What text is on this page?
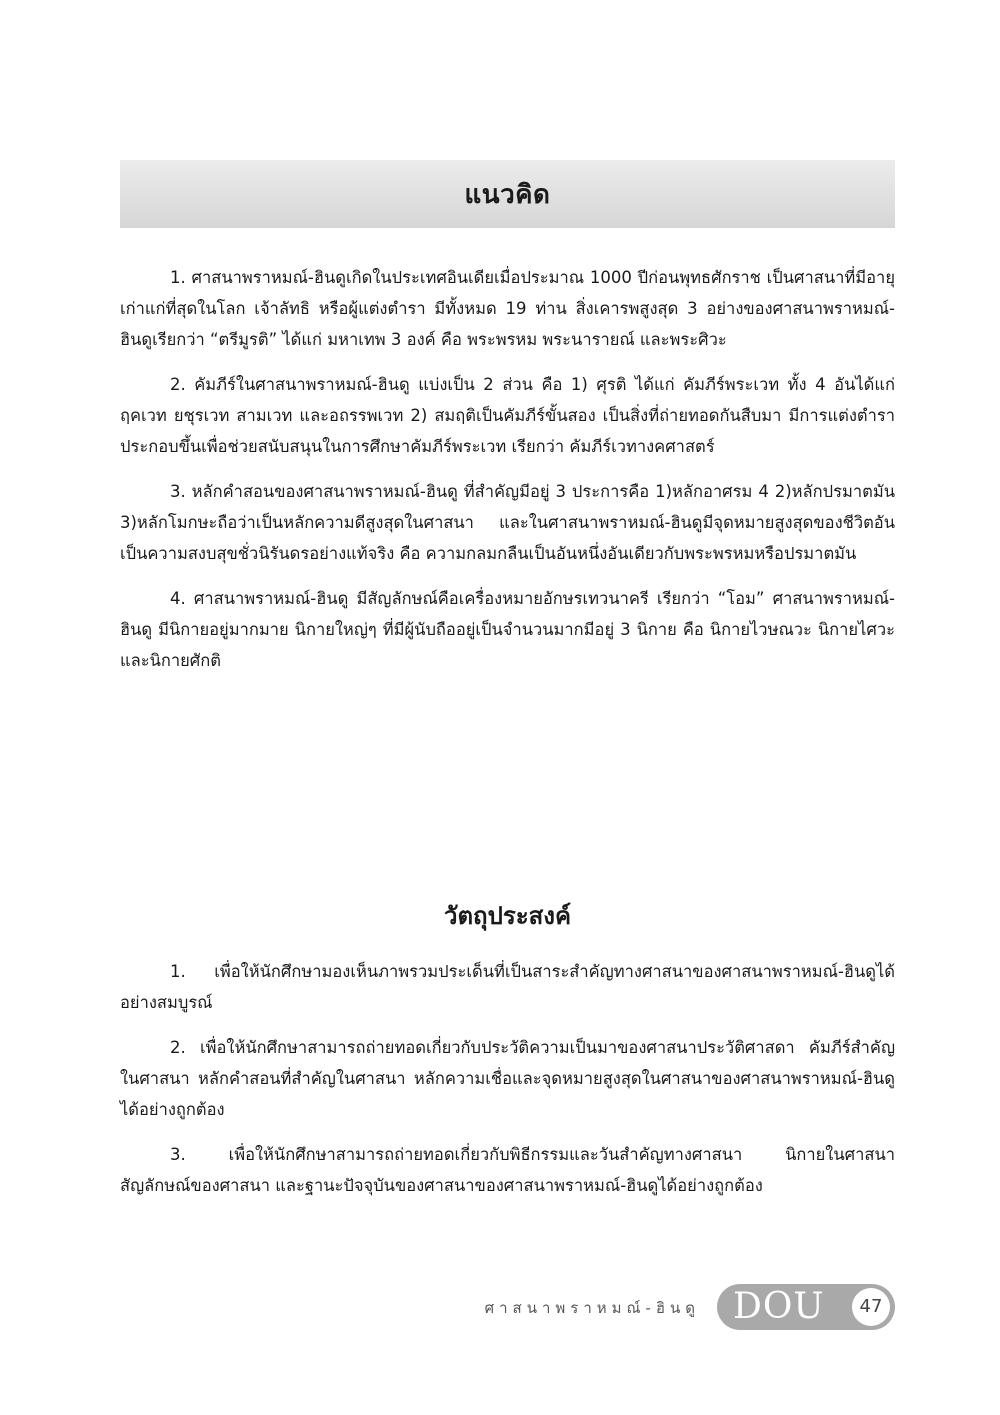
แนวคิด

1. ศาสนาพราหมณ์-ฮินดูเกิดในประเทศอินเดียเมื่อประมาณ 1000 ปีก่อนพุทธศักราช เป็นศาสนาที่มีอายุเก่าแก่ที่สุดในโลก เจ้าลัทธิ หรือผู้แต่งตำรา มีทั้งหมด 19 ท่าน สิ่งเคารพสูงสุด 3 อย่างของศาสนาพราหมณ์-ฮินดูเรียกว่า “ตรีมูรติ” ได้แก่ มหาเทพ 3 องค์ คือ พระพรหม พระนารายณ์ และพระศิวะ

2. คัมภีร์ในศาสนาพราหมณ์-ฮินดู แบ่งเป็น 2 ส่วน คือ 1) ศุรติ ได้แก่ คัมภีร์พระเวท ทั้ง 4 อันได้แก่ ฤคเวท ยชุรเวท สามเวท และอถรรพเวท 2) สมฤติเป็นคัมภีร์ขั้นสอง เป็นสิ่งที่ถ่ายทอดกันสืบมา มีการแต่งตำราประกอบขึ้นเพื่อช่วยสนับสนุนในการศึกษาคัมภีร์พระเวท เรียกว่า คัมภีร์เวทางคศาสตร์

3. หลักคำสอนของศาสนาพราหมณ์-ฮินดู ที่สำคัญมีอยู่ 3 ประการคือ 1)หลักอาศรม 4 2)หลักปรมาตมัน 3)หลักโมกษะถือว่าเป็นหลักความดีสูงสุดในศาสนา และในศาสนาพราหมณ์-ฮินดูมีจุดหมายสูงสุดของชีวิตอันเป็นความสงบสุขชั่วนิรันดรอย่างแท้จริง คือ ความกลมกลืนเป็นอันหนึ่งอันเดียวกับพระพรหมหรือปรมาตมัน

4. ศาสนาพราหมณ์-ฮินดู มีสัญลักษณ์คือเครื่องหมายอักษรเทวนาครี เรียกว่า “โอม” ศาสนาพราหมณ์-ฮินดู มีนิกายอยู่มากมาย นิกายใหญ่ๆ ที่มีผู้นับถืออยู่เป็นจำนวนมากมีอยู่ 3 นิกาย คือ นิกายไวษณวะ นิกายไศวะ และนิกายศักติ

วัตถุประสงค์

1. เพื่อให้นักศึกษามองเห็นภาพรวมประเด็นที่เป็นสาระสำคัญทางศาสนาของศาสนาพราหมณ์-ฮินดูได้อย่างสมบูรณ์

2. เพื่อให้นักศึกษาสามารถถ่ายทอดเกี่ยวกับประวัติความเป็นมาของศาสนาประวัติศาสดา คัมภีร์สำคัญในศาสนา หลักคำสอนที่สำคัญในศาสนา หลักความเชื่อและจุดหมายสูงสุดในศาสนาของศาสนาพราหมณ์-ฮินดูได้อย่างถูกต้อง

3. เพื่อให้นักศึกษาสามารถถ่ายทอดเกี่ยวกับพิธีกรรมและวันสำคัญทางศาสนา นิกายในศาสนา สัญลักษณ์ของศาสนา และฐานะปัจจุบันของศาสนาของศาสนาพราหมณ์-ฮินดูได้อย่างถูกต้อง

ศาสนาพราหมณ์-ฮินดู DOU	47
